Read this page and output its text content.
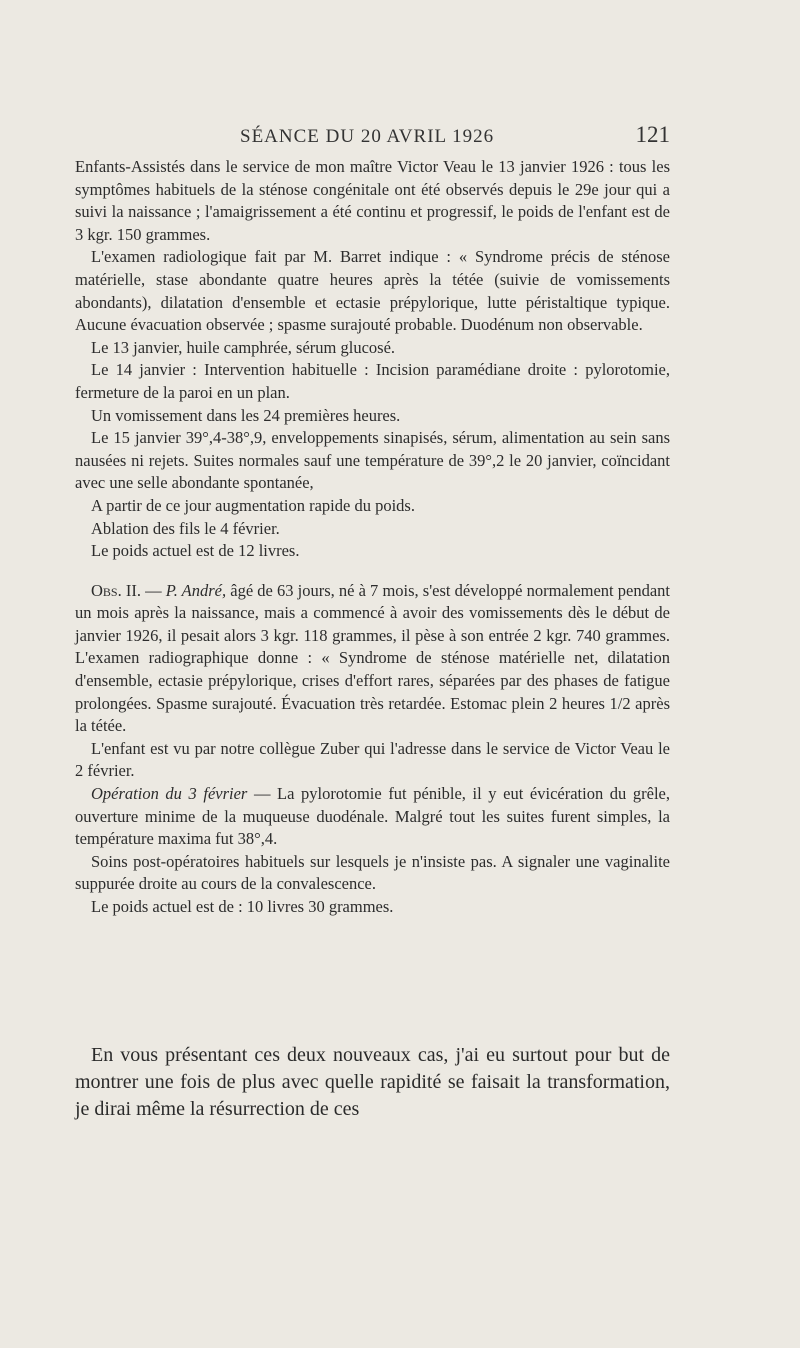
SÉANCE DU 20 AVRIL 1926	121

Enfants-Assistés dans le service de mon maître Victor Veau le 13 janvier 1926 : tous les symptômes habituels de la sténose congénitale ont été observés depuis le 29e jour qui a suivi la naissance ; l'amaigrissement a été continu et progressif, le poids de l'enfant est de 3 kgr. 150 grammes.

L'examen radiologique fait par M. Barret indique : « Syndrome précis de sténose matérielle, stase abondante quatre heures après la tétée (suivie de vomissements abondants), dilatation d'ensemble et ectasie prépylorique, lutte péristaltique typique. Aucune évacuation observée ; spasme surajouté probable. Duodénum non observable.

Le 13 janvier, huile camphrée, sérum glucosé.

Le 14 janvier : Intervention habituelle : Incision paramédiane droite : pylorotomie, fermeture de la paroi en un plan.

Un vomissement dans les 24 premières heures.

Le 15 janvier 39°,4-38°,9, enveloppements sinapisés, sérum, alimentation au sein sans nausées ni rejets. Suites normales sauf une température de 39°,2 le 20 janvier, coïncidant avec une selle abondante spontanée,

A partir de ce jour augmentation rapide du poids.

Ablation des fils le 4 février.

Le poids actuel est de 12 livres.

Obs. II. — P. André, âgé de 63 jours, né à 7 mois, s'est développé normalement pendant un mois après la naissance, mais a commencé à avoir des vomissements dès le début de janvier 1926, il pesait alors 3 kgr. 118 grammes, il pèse à son entrée 2 kgr. 740 grammes. L'examen radiographique donne : « Syndrome de sténose matérielle net, dilatation d'ensemble, ectasie prépylorique, crises d'effort rares, séparées par des phases de fatigue prolongées. Spasme surajouté. Évacuation très retardée. Estomac plein 2 heures 1/2 après la tétée.

L'enfant est vu par notre collègue Zuber qui l'adresse dans le service de Victor Veau le 2 février.

Opération du 3 février — La pylorotomie fut pénible, il y eut évicération du grêle, ouverture minime de la muqueuse duodénale. Malgré tout les suites furent simples, la température maxima fut 38°,4.

Soins post-opératoires habituels sur lesquels je n'insiste pas. A signaler une vaginalite suppurée droite au cours de la convalescence.

Le poids actuel est de : 10 livres 30 grammes.

En vous présentant ces deux nouveaux cas, j'ai eu surtout pour but de montrer une fois de plus avec quelle rapidité se faisait la transformation, je dirai même la résurrection de ces
